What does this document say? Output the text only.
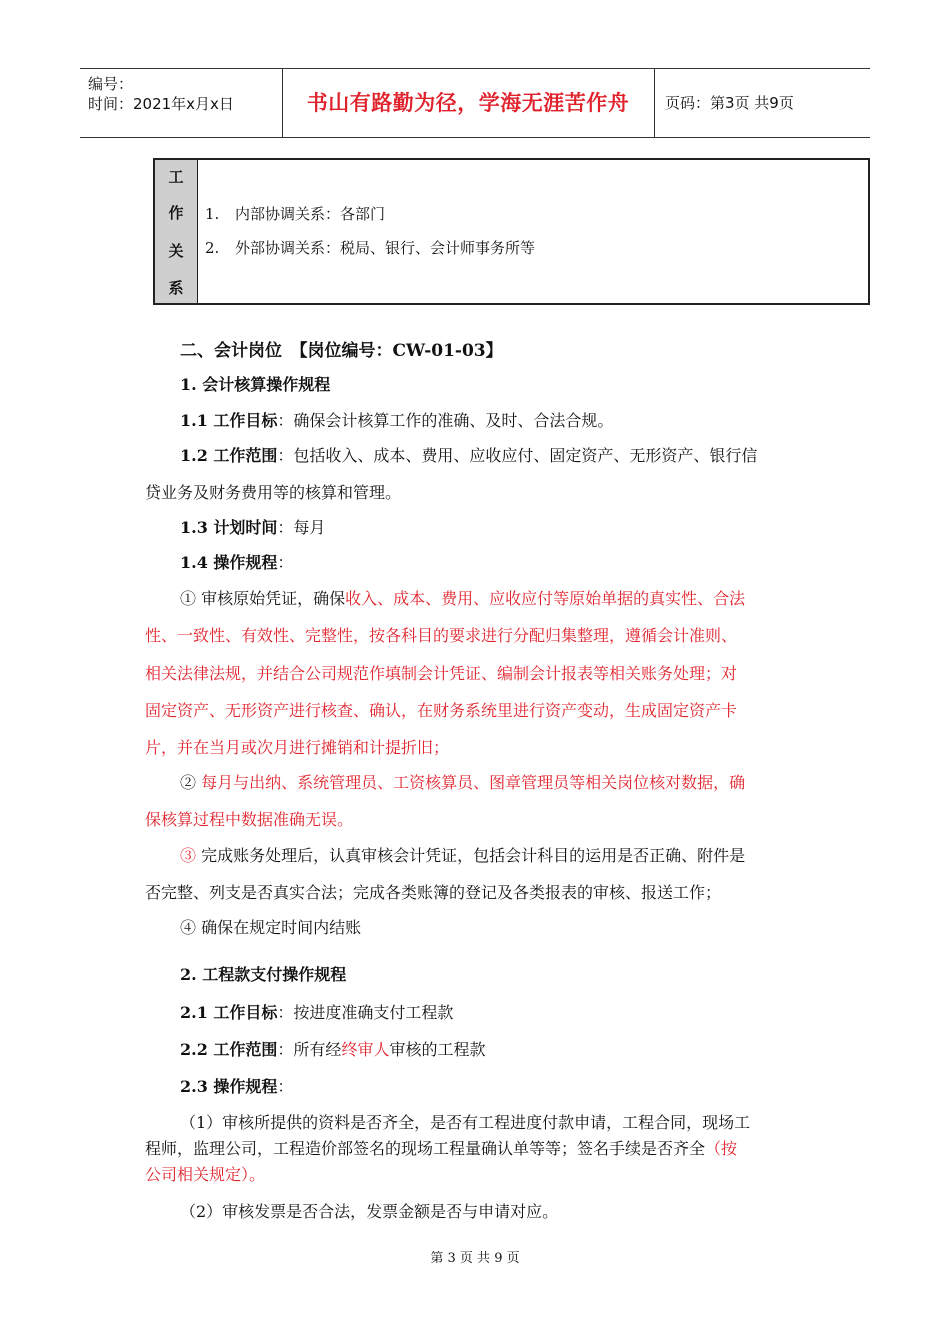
编号：
时间：2021年x月x日	书山有路勤为径，学海无涯苦作舟	页码：第3页 共9页
工
作
关
系
1. 内部协调关系：各部门
2. 外部协调关系：税局、银行、会计师事务所等
二、会计岗位　【岗位编号：CW-01-03】
1. 会计核算操作规程
1.1 工作目标：确保会计核算工作的准确、及时、合法合规。
1.2 工作范围：包括收入、成本、费用、应收应付、固定资产、无形资产、银行信
贷业务及财务费用等的核算和管理。
1.3 计划时间：每月
1.4 操作规程：
① 审核原始凭证，确保收入、成本、费用、应收应付等原始单据的真实性、合法
性、一致性、有效性、完整性，按各科目的要求进行分配归集整理，遵循会计准则、
相关法律法规，并结合公司规范作填制会计凭证、编制会计报表等相关账务处理；对
固定资产、无形资产进行核查、确认，在财务系统里进行资产变动，生成固定资产卡
片，并在当月或次月进行摊销和计提折旧；
② 每月与出纳、系统管理员、工资核算员、图章管理员等相关岗位核对数据，确
保核算过程中数据准确无误。
③ 完成账务处理后，认真审核会计凭证，包括会计科目的运用是否正确、附件是
否完整、列支是否真实合法；完成各类账簿的登记及各类报表的审核、报送工作；
④ 确保在规定时间内结账
2. 工程款支付操作规程
2.1 工作目标：按进度准确支付工程款
2.2 工作范围：所有经终审人审核的工程款
2.3 操作规程：
（1）审核所提供的资料是否齐全，是否有工程进度付款申请，工程合同，现场工
程师，监理公司，工程造价部签名的现场工程量确认单等等；签名手续是否齐全（按
公司相关规定）。
（2）审核发票是否合法，发票金额是否与申请对应。
第 3 页 共 9 页
